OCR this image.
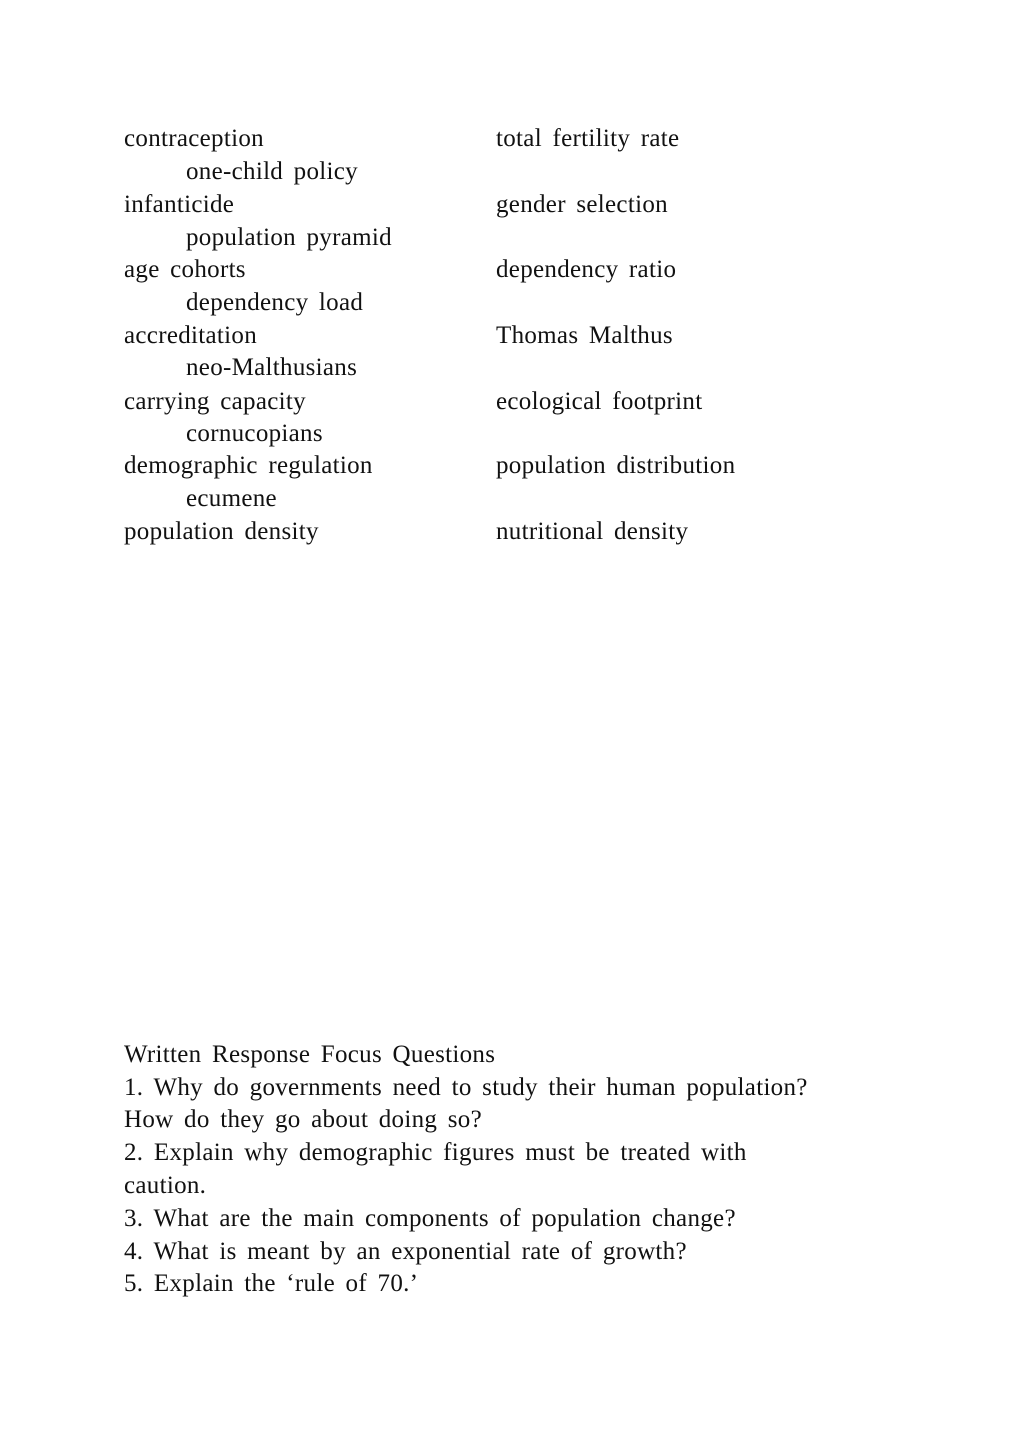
contraception	total fertility rate
one-child policy
infanticide	gender selection
population pyramid
age cohorts	dependency ratio
dependency load
accreditation	Thomas Malthus
neo-Malthusians
carrying capacity	ecological footprint
cornucopians
demographic regulation	population distribution
ecumene
population density	nutritional density
Written Response Focus Questions
1. Why do governments need to study their human population?
How do they go about doing so?
2. Explain why demographic figures must be treated with
caution.
3. What are the main components of population change?
4. What is meant by an exponential rate of growth?
5. Explain the ‘rule of 70.’
